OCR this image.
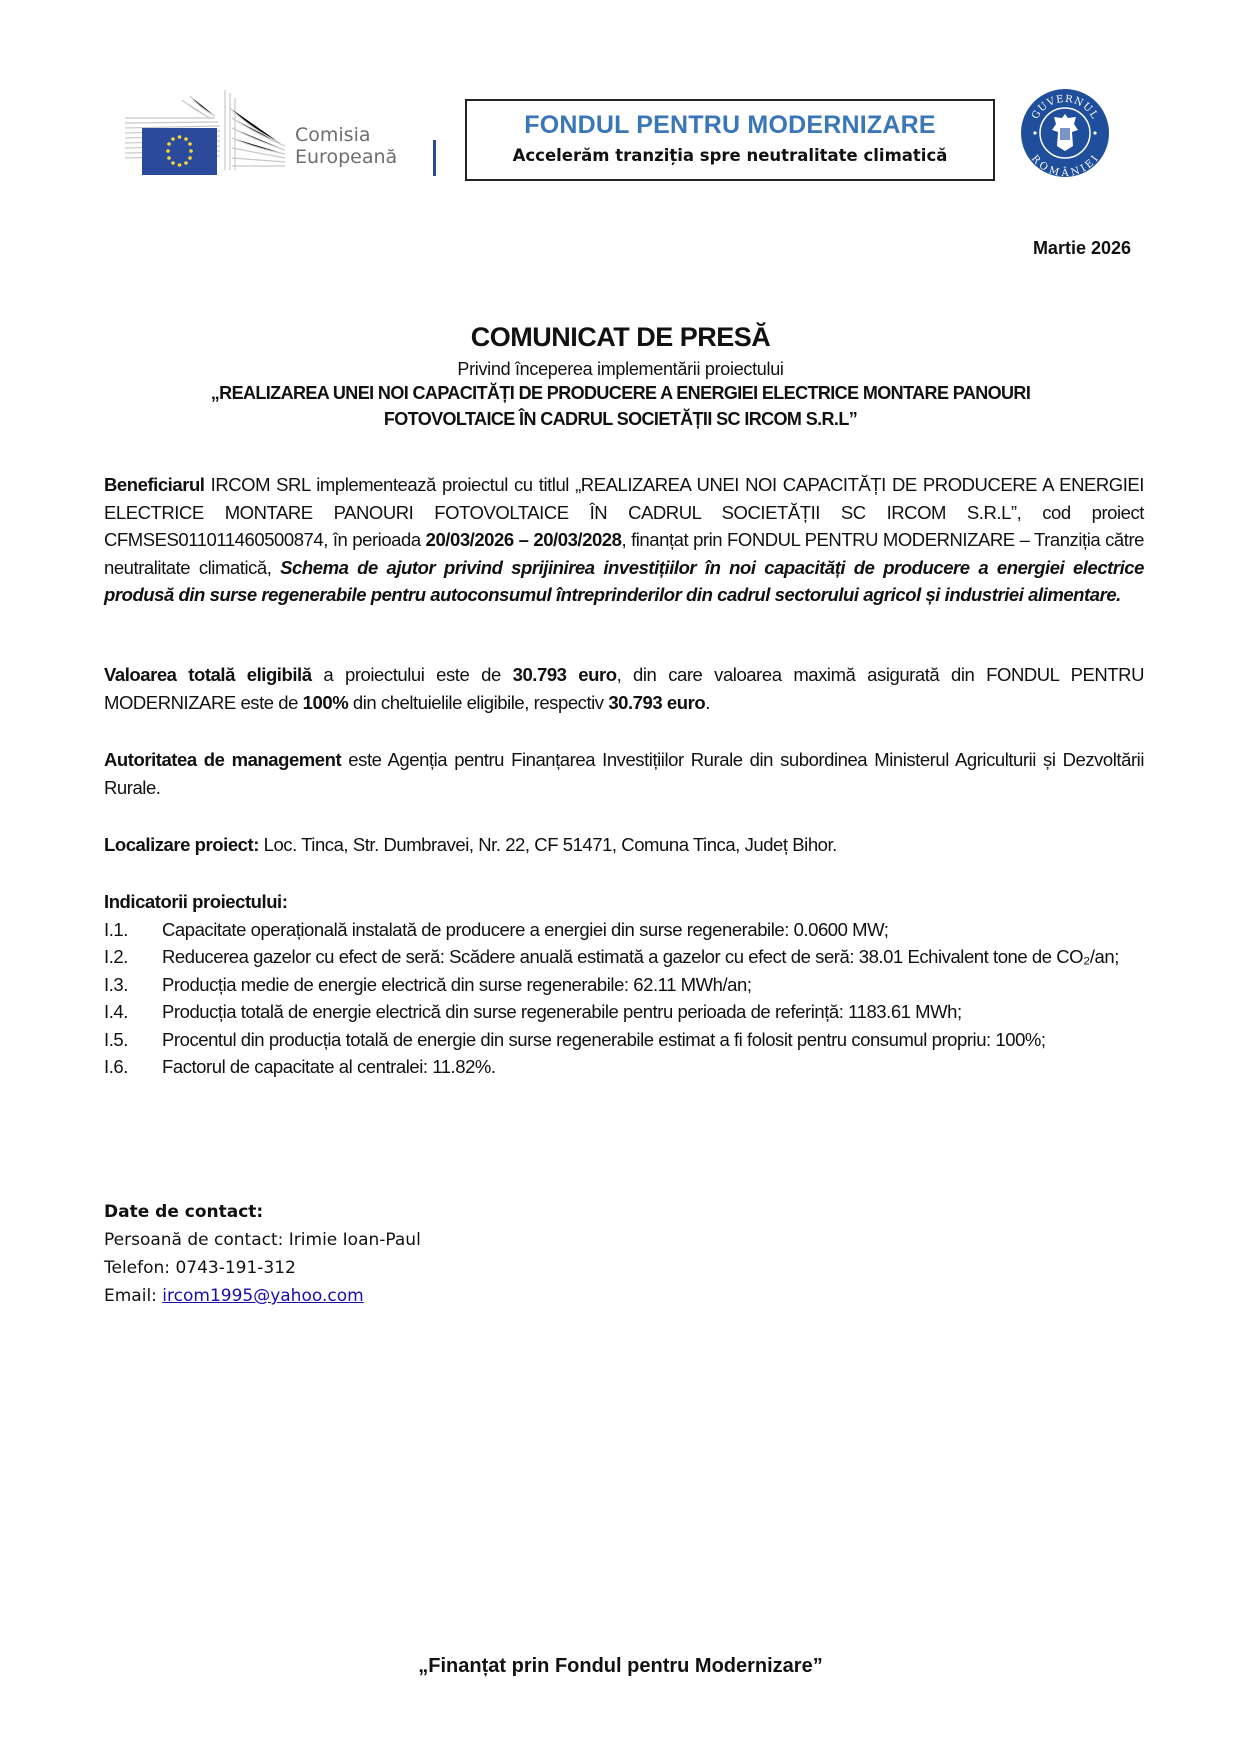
Comisia
Europeană
FONDUL PENTRU MODERNIZARE
Accelerăm tranziția spre neutralitate climatică
GUVERNUL
ROMÂNIEI
Martie 2026
COMUNICAT DE PRESĂ
Privind începerea implementării proiectului
„REALIZAREA UNEI NOI CAPACITĂȚI DE PRODUCERE A ENERGIEI ELECTRICE MONTARE PANOURI
FOTOVOLTAICE ÎN CADRUL SOCIETĂȚII SC IRCOM S.R.L”
Beneficiarul IRCOM SRL implementează proiectul cu titlul „REALIZAREA UNEI NOI CAPACITĂȚI DE PRODUCERE A ENERGIEI ELECTRICE MONTARE PANOURI FOTOVOLTAICE ÎN CADRUL SOCIETĂȚII SC IRCOM S.R.L”, cod proiect CFMSES011011460500874, în perioada 20/03/2026 – 20/03/2028, finanțat prin FONDUL PENTRU MODERNIZARE – Tranziția către neutralitate climatică, Schema de ajutor privind sprijinirea investițiilor în noi capacități de producere a energiei electrice produsă din surse regenerabile pentru autoconsumul întreprinderilor din cadrul sectorului agricol și industriei alimentare.
Valoarea totală eligibilă a proiectului este de 30.793 euro, din care valoarea maximă asigurată din FONDUL PENTRU MODERNIZARE este de 100% din cheltuielile eligibile, respectiv 30.793 euro.
Autoritatea de management este Agenția pentru Finanțarea Investițiilor Rurale din subordinea Ministerul Agriculturii și Dezvoltării Rurale.
Localizare proiect: Loc. Tinca, Str. Dumbravei, Nr. 22, CF 51471, Comuna Tinca, Județ Bihor.
Indicatorii proiectului:
I.1.	Capacitate operațională instalată de producere a energiei din surse regenerabile: 0.0600 MW;
I.2.	Reducerea gazelor cu efect de seră: Scădere anuală estimată a gazelor cu efect de seră: 38.01 Echivalent tone de CO₂/an;
I.3.	Producția medie de energie electrică din surse regenerabile: 62.11 MWh/an;
I.4.	Producția totală de energie electrică din surse regenerabile pentru perioada de referință: 1183.61 MWh;
I.5.	Procentul din producția totală de energie din surse regenerabile estimat a fi folosit pentru consumul propriu: 100%;
I.6.	Factorul de capacitate al centralei: 11.82%.
Date de contact:
Persoană de contact: Irimie Ioan-Paul
Telefon: 0743-191-312
Email: ircom1995@yahoo.com
„Finanțat prin Fondul pentru Modernizare”
